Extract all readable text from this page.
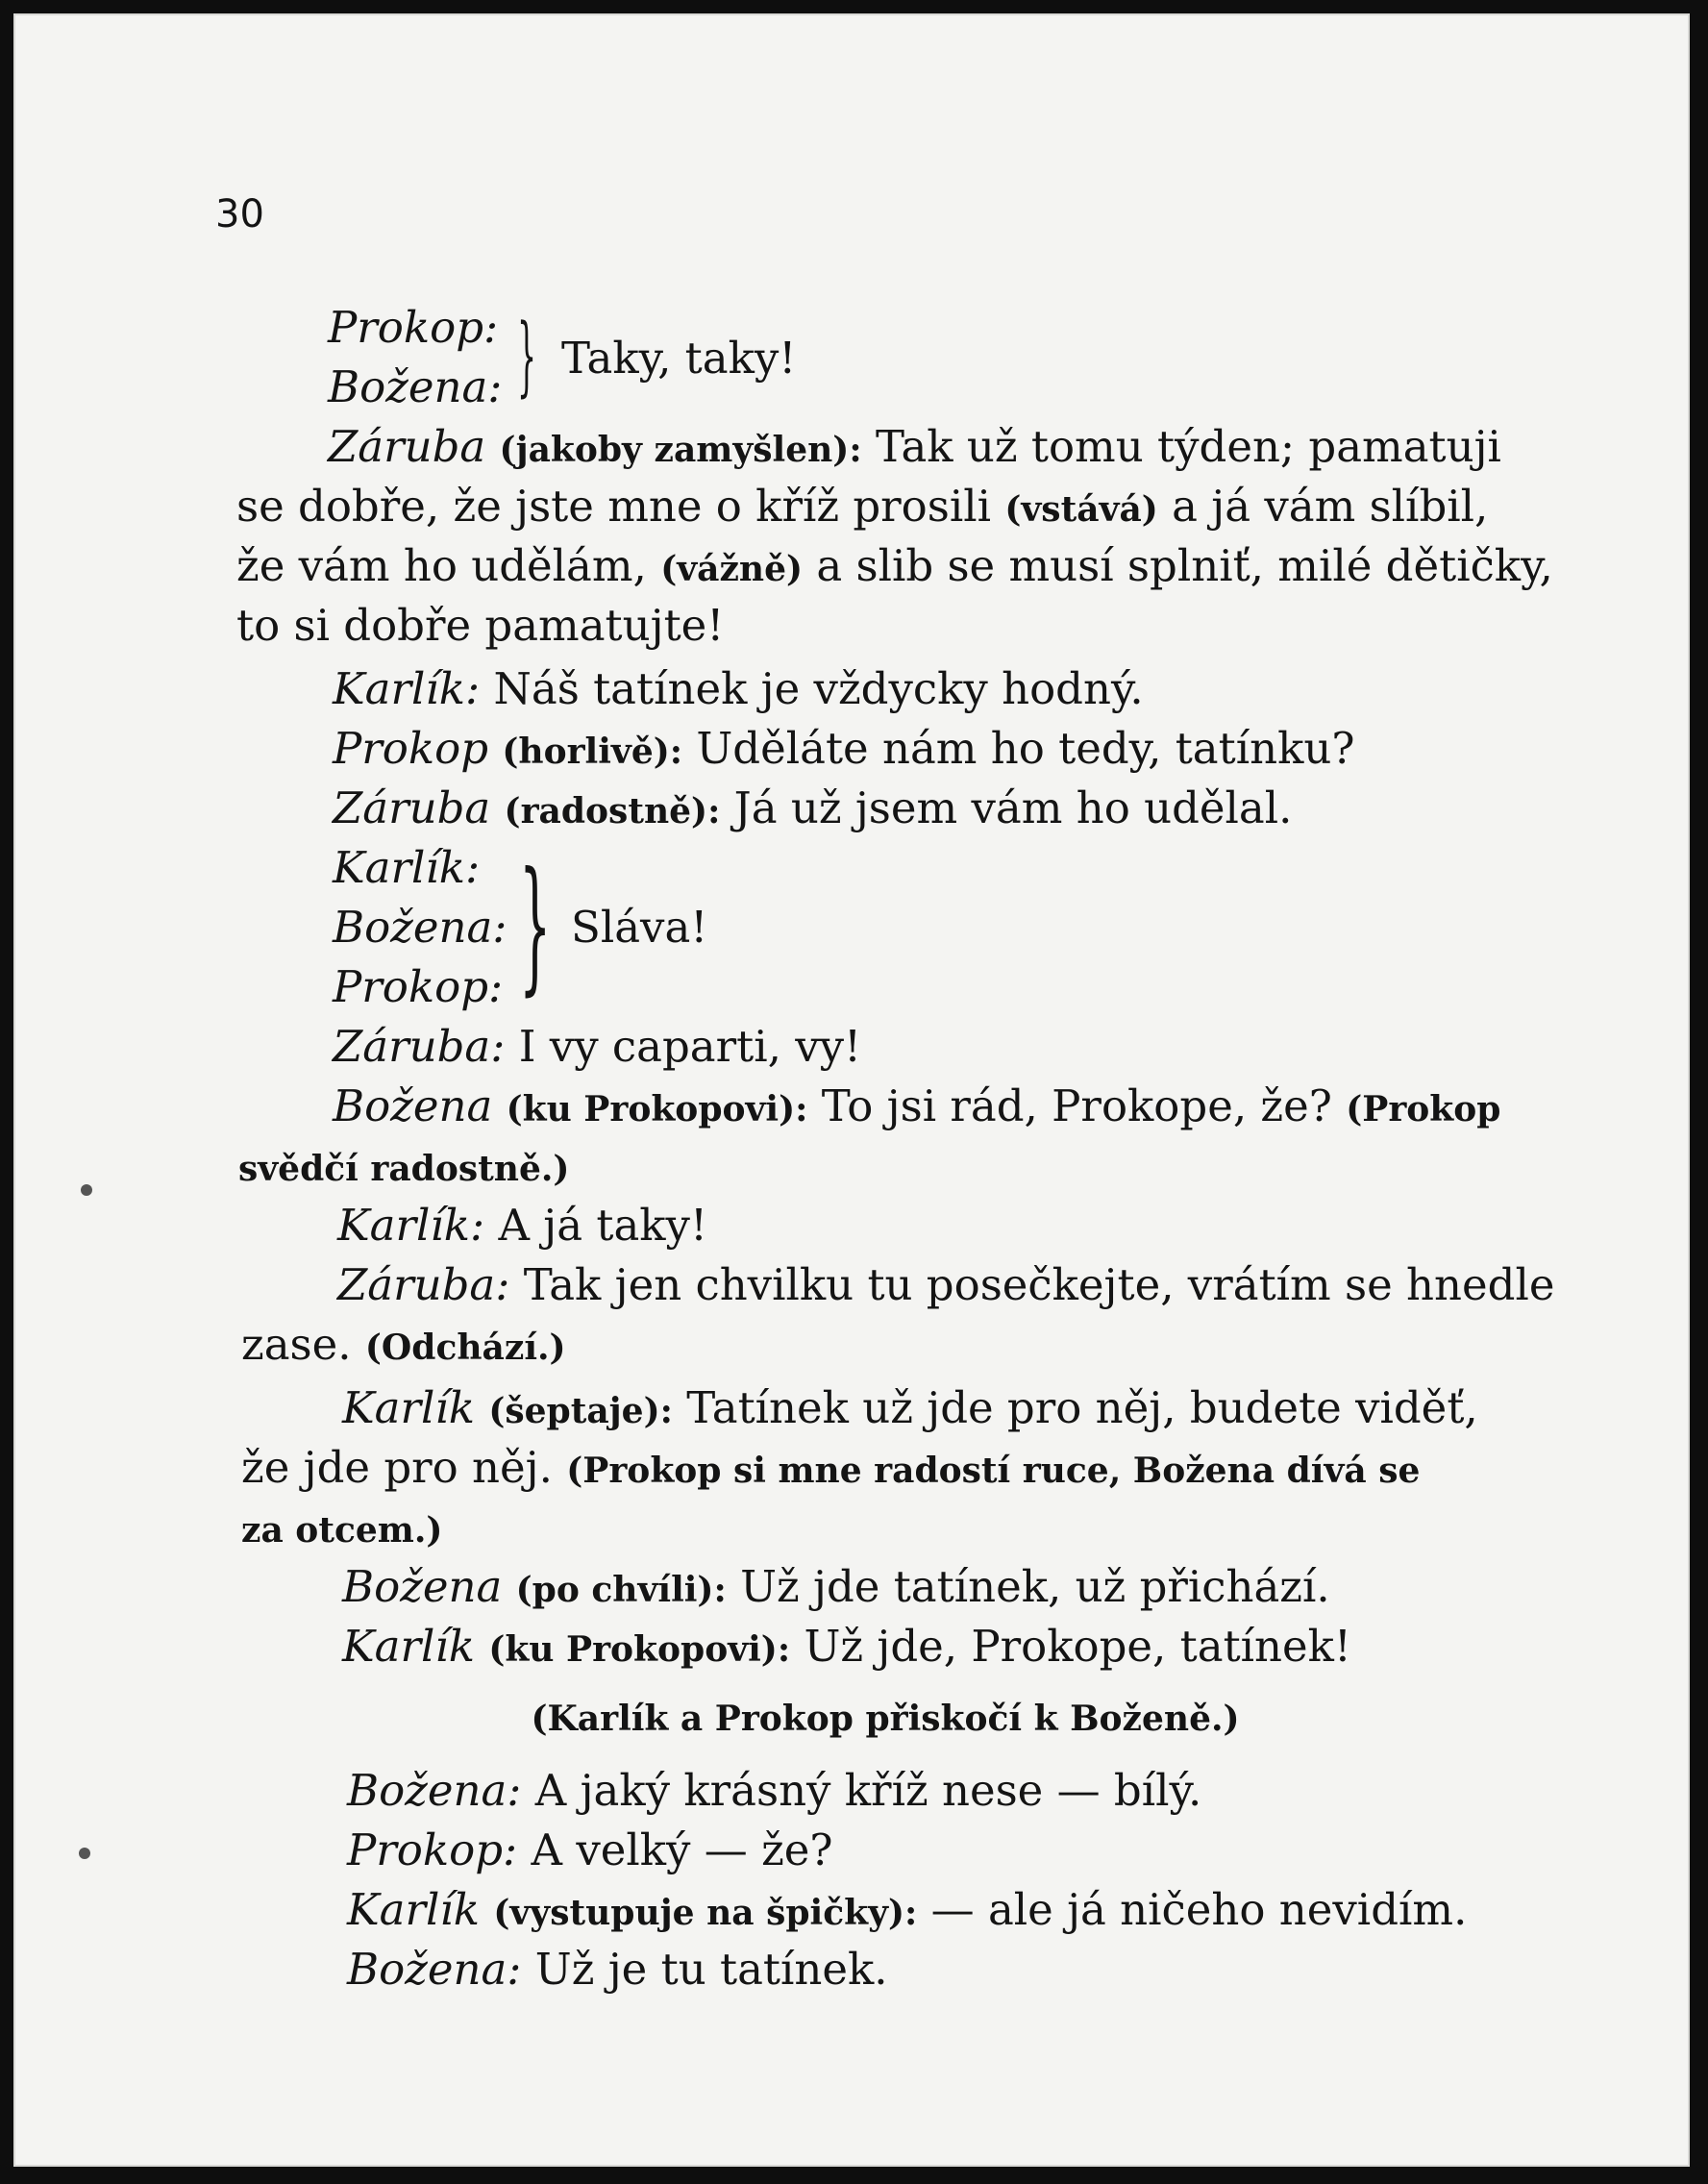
30
Prokop:
Božena: } Taky, taky!
Záruba (jakoby zamyšlen): Tak už tomu týden; pamatuji
se dobře, že jste mne o kříž prosili (vstává) a já vám slíbil,
že vám ho udělám, (vážně) a slib se musí splniť, milé dětičky,
to si dobře pamatujte!
Karlík: Náš tatínek je vždycky hodný.
Prokop (horlivě): Uděláte nám ho tedy, tatínku?
Záruba (radostně): Já už jsem vám ho udělal.
Karlík:
Božena:
Prokop: } Sláva!
Záruba: I vy caparti, vy!
Božena (ku Prokopovi): To jsi rád, Prokope, že? (Prokop
svědčí radostně.)
Karlík: A já taky!
Záruba: Tak jen chvilku tu posečkejte, vrátím se hnedle
zase. (Odchází.)
Karlík (šeptaje): Tatínek už jde pro něj, budete viděť,
že jde pro něj. (Prokop si mne radostí ruce, Božena dívá se
za otcem.)
Božena (po chvíli): Už jde tatínek, už přichází.
Karlík (ku Prokopovi): Už jde, Prokope, tatínek!
(Karlík a Prokop přiskočí k Boženě.)
Božena: A jaký krásný kříž nese — bílý.
Prokop: A velký — že?
Karlík (vystupuje na špičky): — ale já ničeho nevidím.
Božena: Už je tu tatínek.
